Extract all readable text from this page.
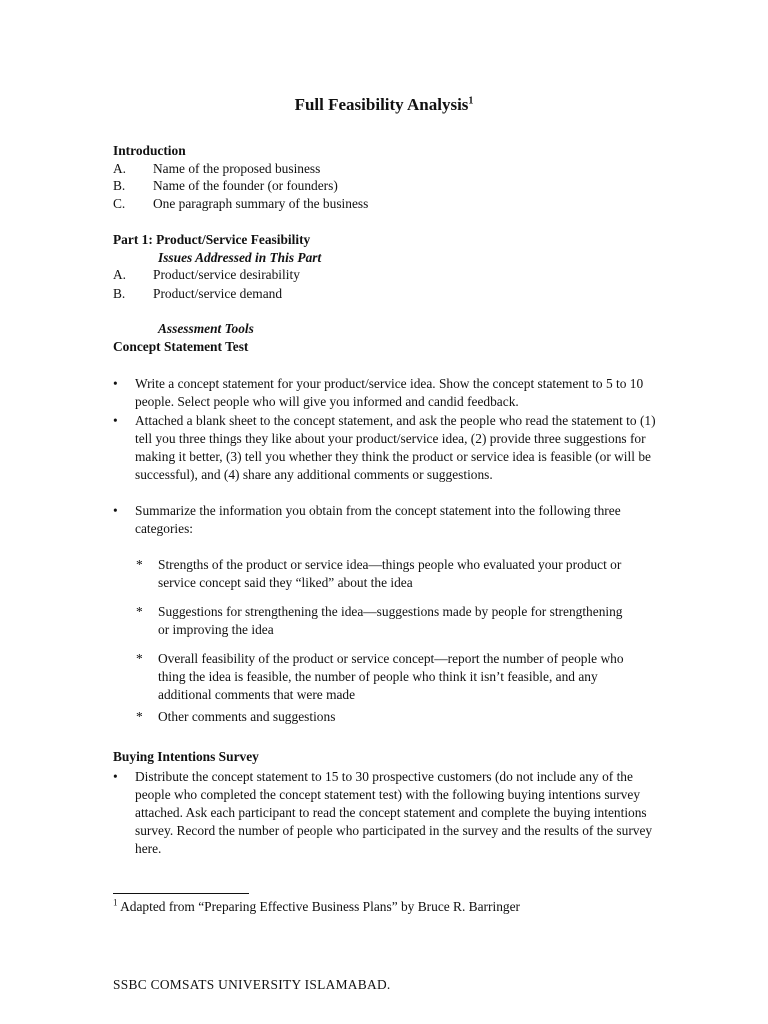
Full Feasibility Analysis$^1$
Introduction
A. Name of the proposed business
B. Name of the founder (or founders)
C. One paragraph summary of the business
Part 1: Product/Service Feasibility
Issues Addressed in This Part
A. Product/service desirability
B. Product/service demand
Assessment Tools
Concept Statement Test
•	Write a concept statement for your product/service idea. Show the concept statement to 5 to 10 people. Select people who will give you informed and candid feedback.
•	Attached a blank sheet to the concept statement, and ask the people who read the statement to (1) tell you three things they like about your product/service idea, (2) provide three suggestions for making it better, (3) tell you whether they think the product or service idea is feasible (or will be successful), and (4) share any additional comments or suggestions.
•	Summarize the information you obtain from the concept statement into the following three categories:
* Strengths of the product or service idea—things people who evaluated your product or service concept said they “liked” about the idea
* Suggestions for strengthening the idea—suggestions made by people for strengthening or improving the idea
* Overall feasibility of the product or service concept—report the number of people who thing the idea is feasible, the number of people who think it isn’t feasible, and any additional comments that were made
* Other comments and suggestions
Buying Intentions Survey
•	Distribute the concept statement to 15 to 30 prospective customers (do not include any of the people who completed the concept statement test) with the following buying intentions survey attached. Ask each participant to read the concept statement and complete the buying intentions survey. Record the number of people who participated in the survey and the results of the survey here.
$^1$ Adapted from “Preparing Effective Business Plans” by Bruce R. Barringer
SSBC COMSATS UNIVERSITY ISLAMABAD.
